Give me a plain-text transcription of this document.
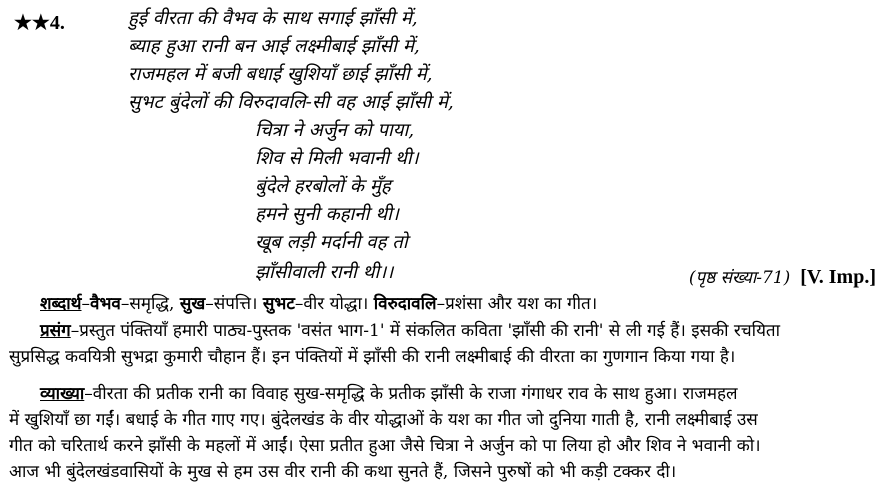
★★4.	हुई वीरता की वैभव के साथ सगाई झाँसी में,
ब्याह हुआ रानी बन आई लक्ष्मीबाई झाँसी में,
राजमहल में बजी बधाई खुशियाँ छाई झाँसी में,
सुभट बुंदेलों की विरुदावलि-सी वह आई झाँसी में,
चित्रा ने अर्जुन को पाया,
शिव से मिली भवानी थी।
बुंदेले हरबोलों के मुँह
हमने सुनी कहानी थी।
खूब लड़ी मर्दानी वह तो
झाँसीवाली रानी थी।।	(पृष्ठ संख्या-71) [V. Imp.]
शब्दार्थ–वैभव–समृद्धि, सुख–संपत्ति। सुभट–वीर योद्धा। विरुदावलि–प्रशंसा और यश का गीत।
प्रसंग–प्रस्तुत पंक्तियाँ हमारी पाठ्य-पुस्तक 'वसंत भाग-1' में संकलित कविता 'झाँसी की रानी' से ली गई हैं। इसकी रचयिता
सुप्रसिद्ध कवयित्री सुभद्रा कुमारी चौहान हैं। इन पंक्तियों में झाँसी की रानी लक्ष्मीबाई की वीरता का गुणगान किया गया है।
व्याख्या–वीरता की प्रतीक रानी का विवाह सुख-समृद्धि के प्रतीक झाँसी के राजा गंगाधर राव के साथ हुआ। राजमहल
में खुशियाँ छा गईं। बधाई के गीत गाए गए। बुंदेलखंड के वीर योद्धाओं के यश का गीत जो दुनिया गाती है, रानी लक्ष्मीबाई उस
गीत को चरितार्थ करने झाँसी के महलों में आईं। ऐसा प्रतीत हुआ जैसे चित्रा ने अर्जुन को पा लिया हो और शिव ने भवानी को।
आज भी बुंदेलखंडवासियों के मुख से हम उस वीर रानी की कथा सुनते हैं, जिसने पुरुषों को भी कड़ी टक्कर दी।
